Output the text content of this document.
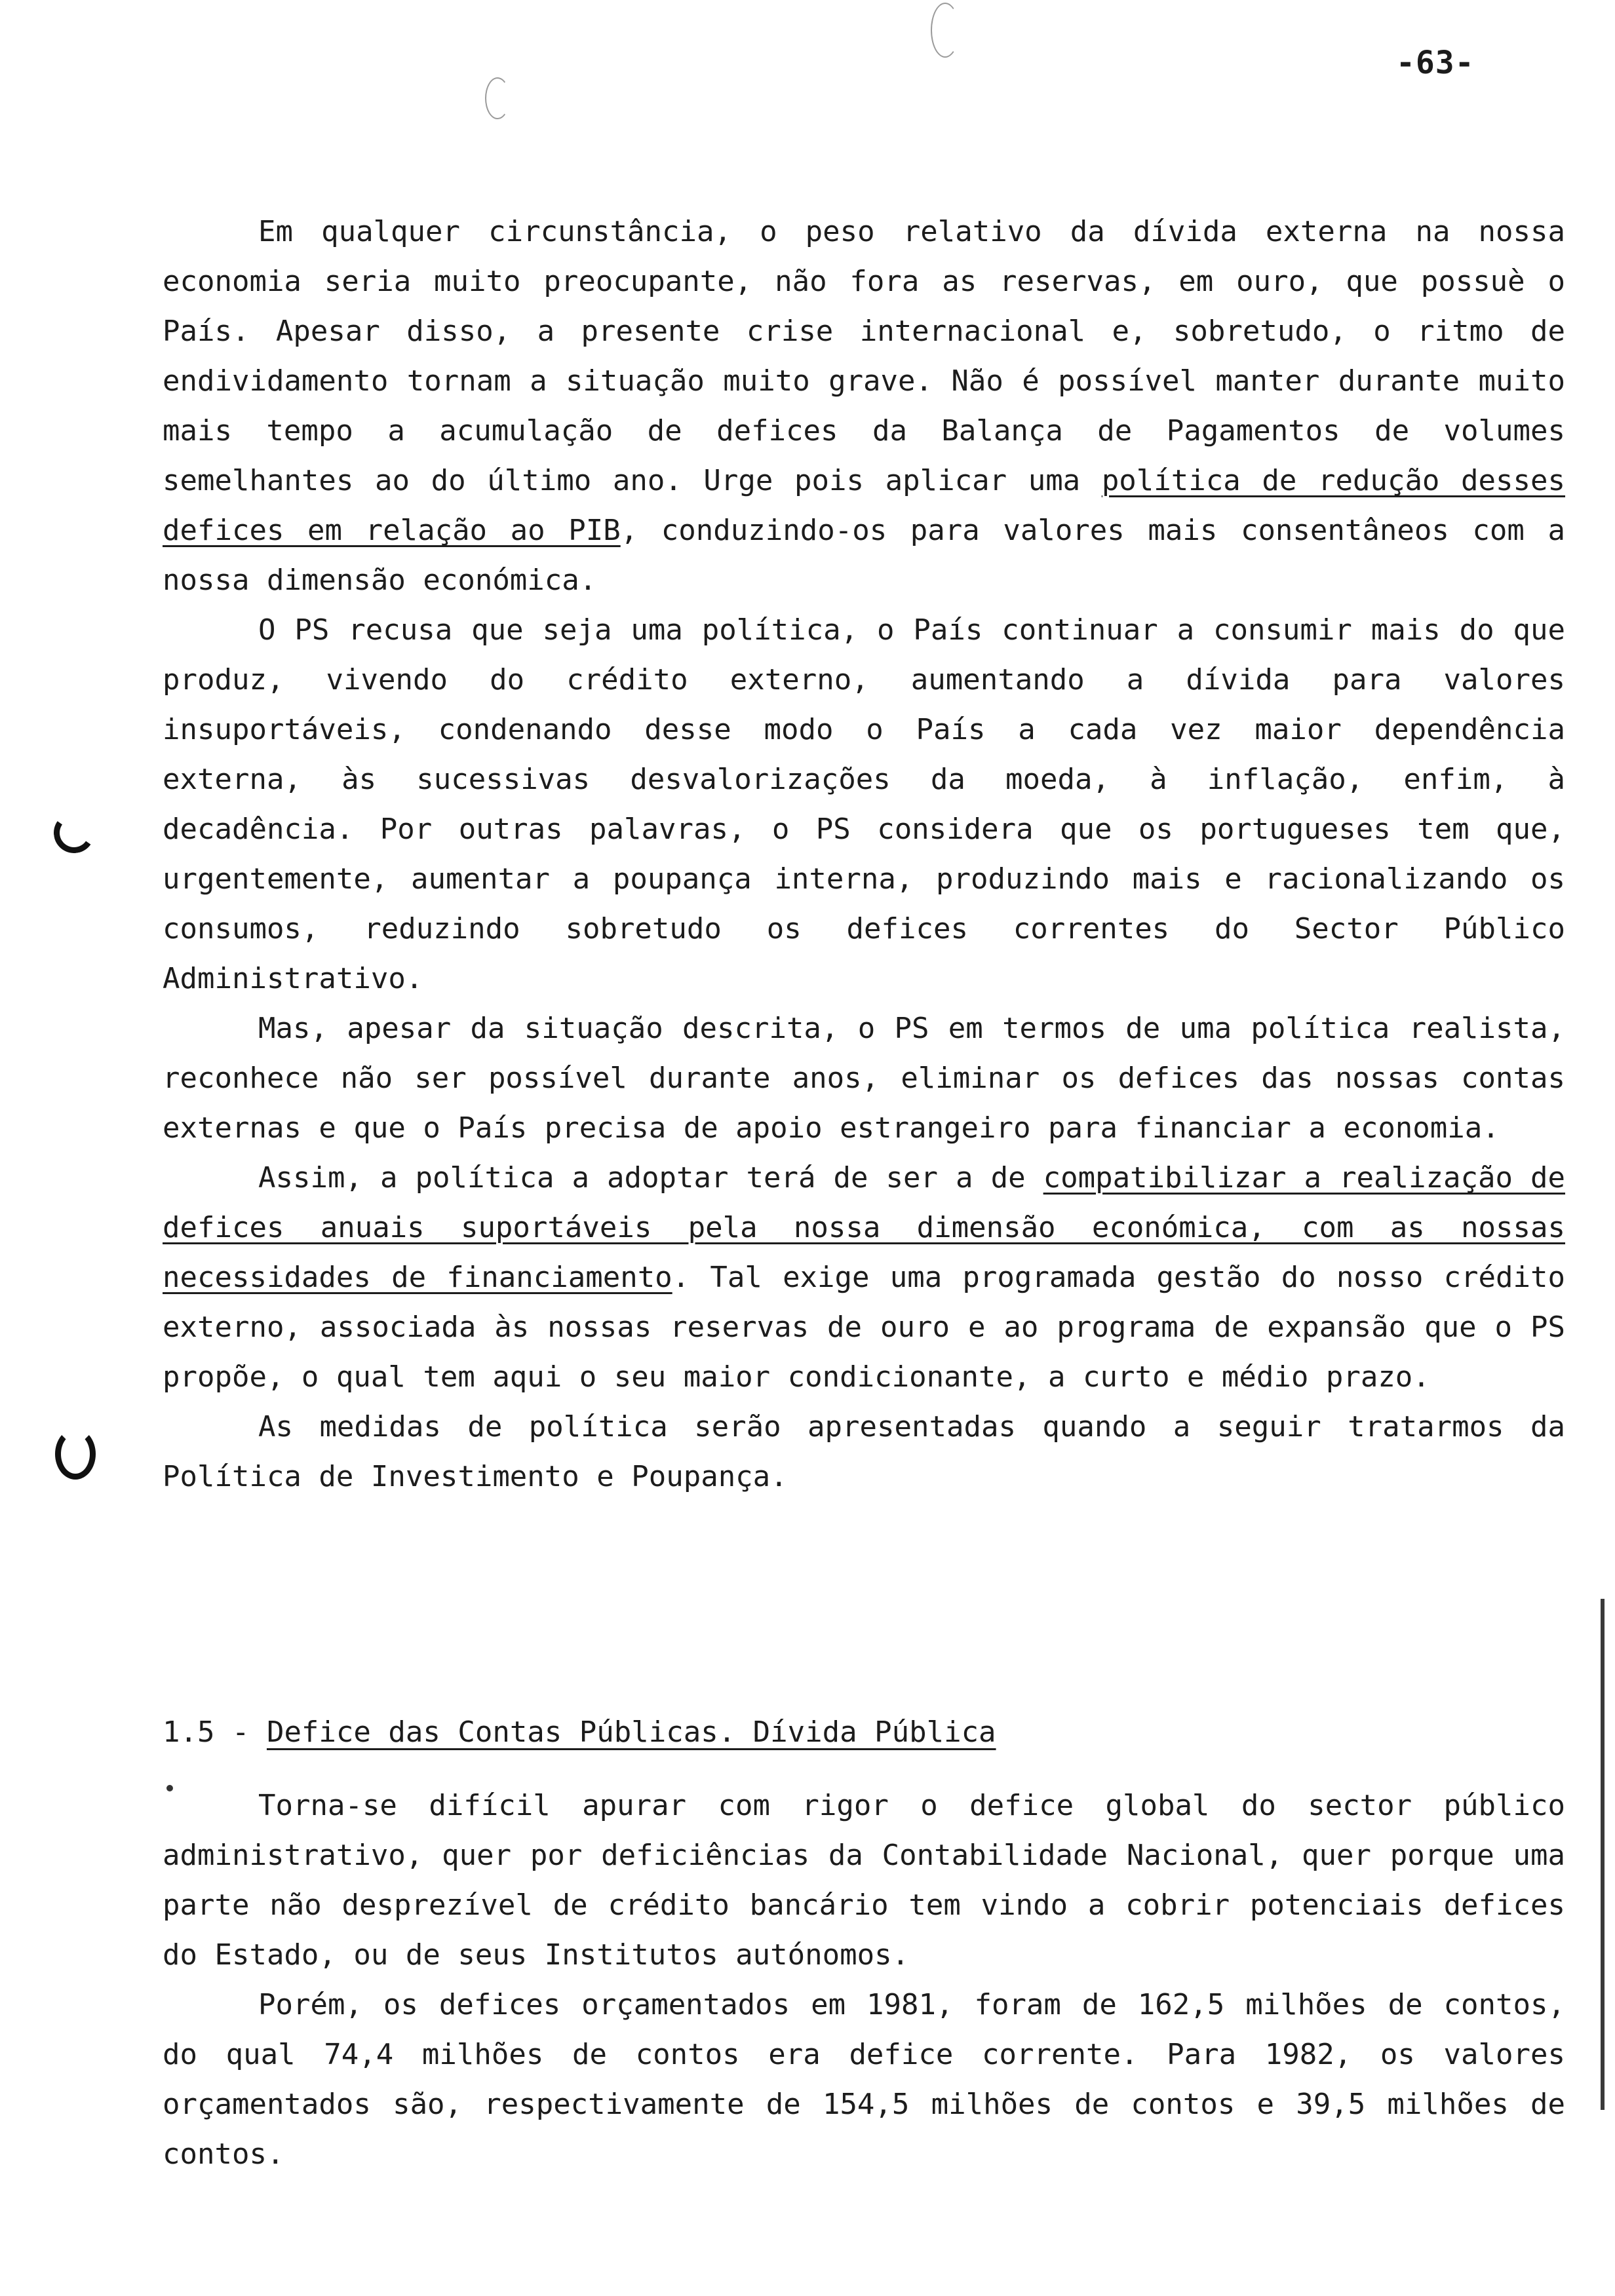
-63-

Em qualquer circunstância, o peso relativo da dívida externa na nossa economia seria muito preocupante, não fora as reservas, em ouro, que possuè o País. Apesar disso, a presente crise internacional e, sobretudo, o ritmo de endividamento tornam a situação muito grave. Não é possível manter durante muito mais tempo a acumulação de defices da Balança de Pagamentos de volumes semelhantes ao do último ano. Urge pois aplicar uma política de redução desses defices em relação ao PIB, conduzindo-os para valores mais consentâneos com a nossa dimensão económica.

O PS recusa que seja uma política, o País continuar a consumir mais do que produz, vivendo do crédito externo, aumentando a dívida para valores insuportáveis, condenando desse modo o País a cada vez maior dependência externa, às sucessivas desvalorizações da moeda, à inflação, enfim, à decadência. Por outras palavras, o PS considera que os portugueses tem que, urgentemente, aumentar a poupança interna, produzindo mais e racionalizando os consumos, reduzindo sobretudo os defices correntes do Sector Público Administrativo.

Mas, apesar da situação descrita, o PS em termos de uma política realista, reconhece não ser possível durante anos, eliminar os defices das nossas contas externas e que o País precisa de apoio estrangeiro para financiar a economia.

Assim, a política a adoptar terá de ser a de compatibilizar a realização de defices anuais suportáveis pela nossa dimensão económica, com as nossas necessidades de financiamento. Tal exige uma programada gestão do nosso crédito externo, associada às nossas reservas de ouro e ao programa de expansão que o PS propõe, o qual tem aqui o seu maior condicionante, a curto e médio prazo.

As medidas de política serão apresentadas quando a seguir tratarmos da Política de Investimento e Poupança.

1.5 - Defice das Contas Públicas. Dívida Pública

Torna-se difícil apurar com rigor o defice global do sector público administrativo, quer por deficiências da Contabilidade Nacional, quer porque uma parte não desprezível de crédito bancário tem vindo a cobrir potenciais defices do Estado, ou de seus Institutos autónomos.

Porém, os defices orçamentados em 1981, foram de 162,5 milhões de contos, do qual 74,4 milhões de contos era defice corrente. Para 1982, os valores orçamentados são, respectivamente de 154,5 milhões de contos e 39,5 milhões de contos.
